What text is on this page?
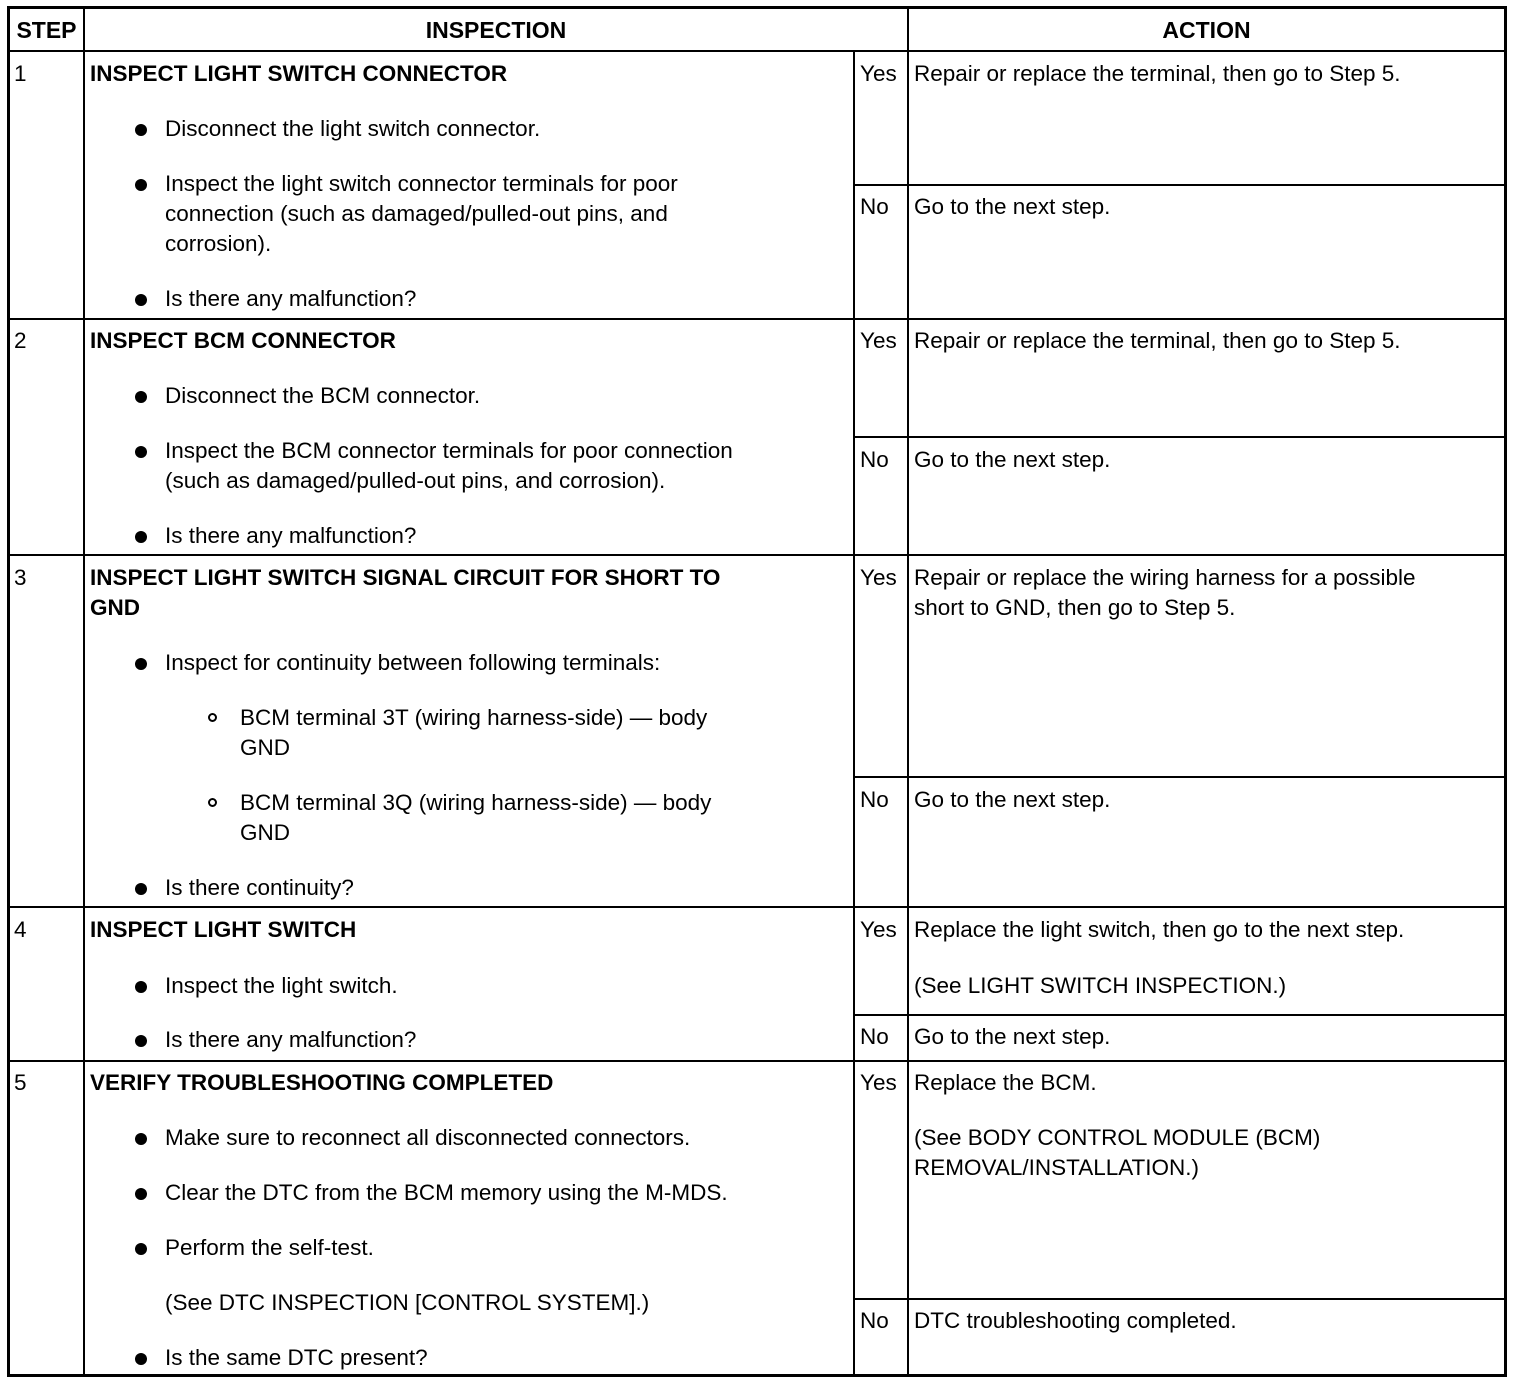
STEP	INSPECTION	ACTION
1	INSPECT LIGHT SWITCH CONNECTOR
Disconnect the light switch connector.
Inspect the light switch connector terminals for poor
connection (such as damaged/pulled-out pins, and
corrosion).
Is there any malfunction?
Yes Repair or replace the terminal, then go to Step 5.
No Go to the next step.
2	INSPECT BCM CONNECTOR
Disconnect the BCM connector.
Inspect the BCM connector terminals for poor connection
(such as damaged/pulled-out pins, and corrosion).
Is there any malfunction?
Yes Repair or replace the terminal, then go to Step 5.
No Go to the next step.
3	INSPECT LIGHT SWITCH SIGNAL CIRCUIT FOR SHORT TO
GND
Inspect for continuity between following terminals:
BCM terminal 3T (wiring harness-side) — body
GND
BCM terminal 3Q (wiring harness-side) — body
GND
Is there continuity?
Yes Repair or replace the wiring harness for a possible
short to GND, then go to Step 5.
No Go to the next step.
4	INSPECT LIGHT SWITCH
Inspect the light switch.
Is there any malfunction?
Yes Replace the light switch, then go to the next step.
(See LIGHT SWITCH INSPECTION.)
No Go to the next step.
5	VERIFY TROUBLESHOOTING COMPLETED
Make sure to reconnect all disconnected connectors.
Clear the DTC from the BCM memory using the M-MDS.
Perform the self-test.
(See DTC INSPECTION [CONTROL SYSTEM].)
Is the same DTC present?
Yes Replace the BCM.
(See BODY CONTROL MODULE (BCM)
REMOVAL/INSTALLATION.)
No DTC troubleshooting completed.
